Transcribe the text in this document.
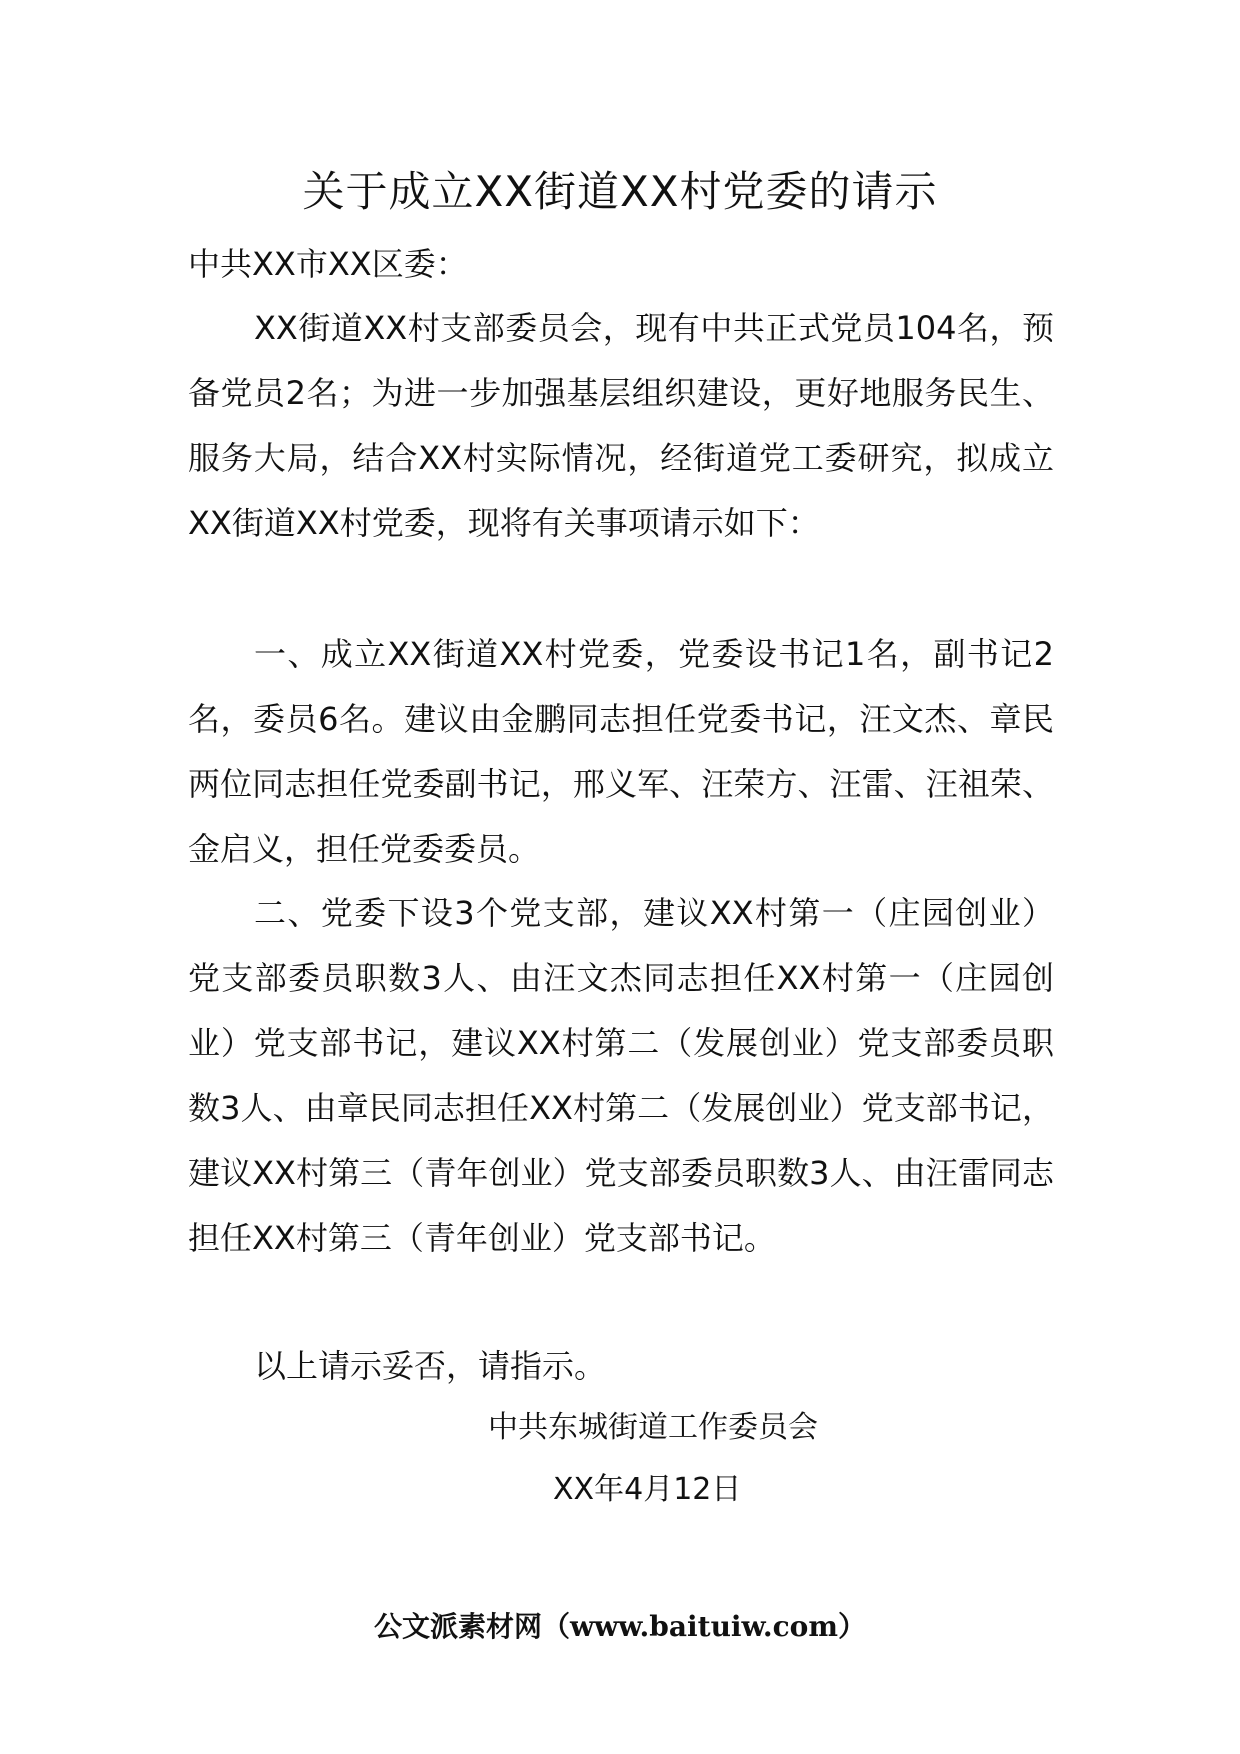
关于成立XX街道XX村党委的请示

中共XX市XX区委：

XX街道XX村支部委员会，现有中共正式党员104名，预备党员2名；为进一步加强基层组织建设，更好地服务民生、服务大局，结合XX村实际情况，经街道党工委研究，拟成立XX街道XX村党委，现将有关事项请示如下：

一、成立XX街道XX村党委，党委设书记1名，副书记2名，委员6名。建议由金鹏同志担任党委书记，汪文杰、章民两位同志担任党委副书记，邢义军、汪荣方、汪雷、汪祖荣、金启义，担任党委委员。

二、党委下设3个党支部，建议XX村第一（庄园创业）党支部委员职数3人、由汪文杰同志担任XX村第一（庄园创业）党支部书记，建议XX村第二（发展创业）党支部委员职数3人、由章民同志担任XX村第二（发展创业）党支部书记，建议XX村第三（青年创业）党支部委员职数3人、由汪雷同志担任XX村第三（青年创业）党支部书记。

以上请示妥否，请指示。

中共东城街道工作委员会

XX年4月12日

公文派素材网（www.baituiw.com）
